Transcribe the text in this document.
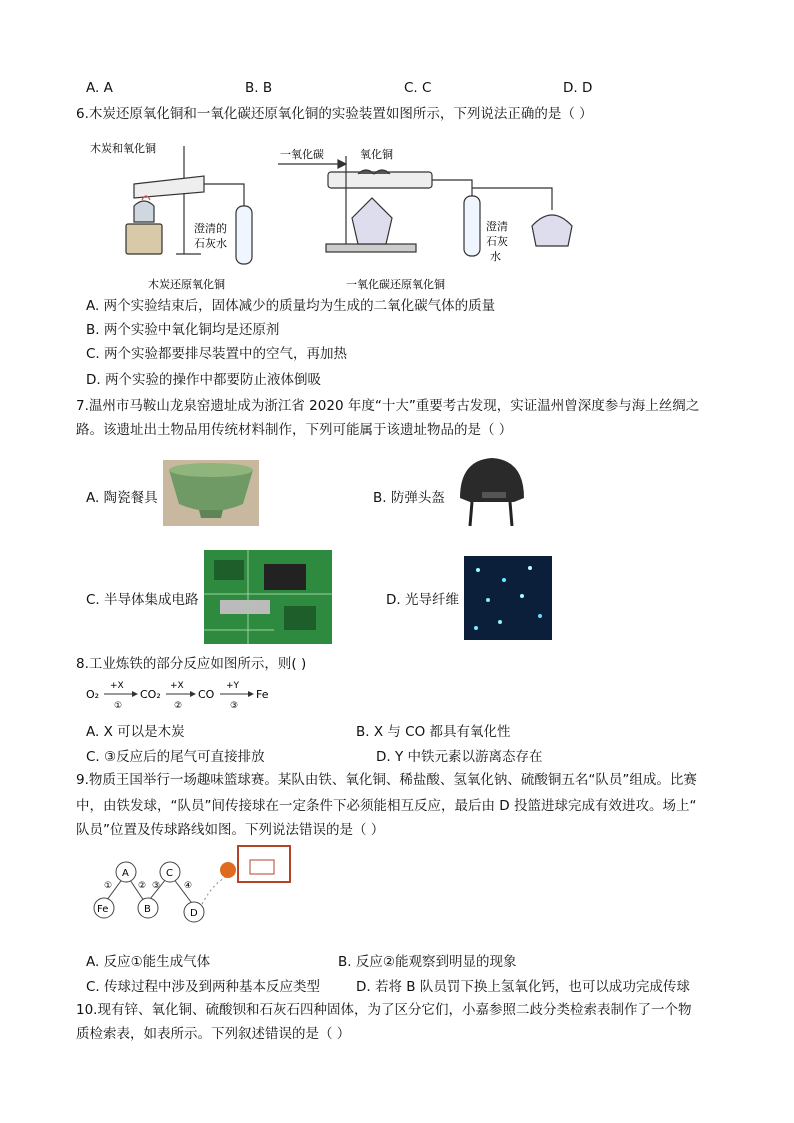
A. A	B. B	C. C	D. D
6.木炭还原氧化铜和一氧化碳还原氧化铜的实验装置如图所示，下列说法正确的是（ ）
木炭和氧化铜
澄清的
石灰水
木炭还原氧化铜
一氧化碳	氧化铜
澄清
石灰
水
一氧化碳还原氧化铜
A. 两个实验结束后，固体减少的质量均为生成的二氧化碳气体的质量
B. 两个实验中氧化铜均是还原剂
C. 两个实验都要排尽装置中的空气，再加热
D. 两个实验的操作中都要防止液体倒吸
7.温州市马鞍山龙泉窑遗址成为浙江省 2020 年度“十大”重要考古发现，实证温州曾深度参与海上丝绸之
路。该遗址出土物品用传统材料制作，下列可能属于该遗址物品的是（ ）
A. 陶瓷餐具	B. 防弹头盔
C. 半导体集成电路	D. 光导纤维
8.工业炼铁的部分反应如图所示，则( )
O₂
+X
①
CO₂
+X
②
CO
+Y
③
Fe
A. X 可以是木炭	B. X 与 CO 都具有氧化性
C. ③反应后的尾气可直接排放	D. Y 中铁元素以游离态存在
9.物质王国举行一场趣味篮球赛。某队由铁、氧化铜、稀盐酸、氢氧化钠、硫酸铜五名“队员”组成。比赛
中，由铁发球，“队员”间传接球在一定条件下必须能相互反应，最后由 D 投篮进球完成有效进攻。场上“
队员”位置及传球路线如图。下列说法错误的是（ ）
A	C
Fe	B	D
①	② ③	④
A. 反应①能生成气体	B. 反应②能观察到明显的现象
C. 传球过程中涉及到两种基本反应类型	D. 若将 B 队员罚下换上氢氧化钙，也可以成功完成传球
10.现有锌、氧化铜、硫酸钡和石灰石四种固体，为了区分它们，小嘉参照二歧分类检索表制作了一个物
质检索表，如表所示。下列叙述错误的是（ ）
